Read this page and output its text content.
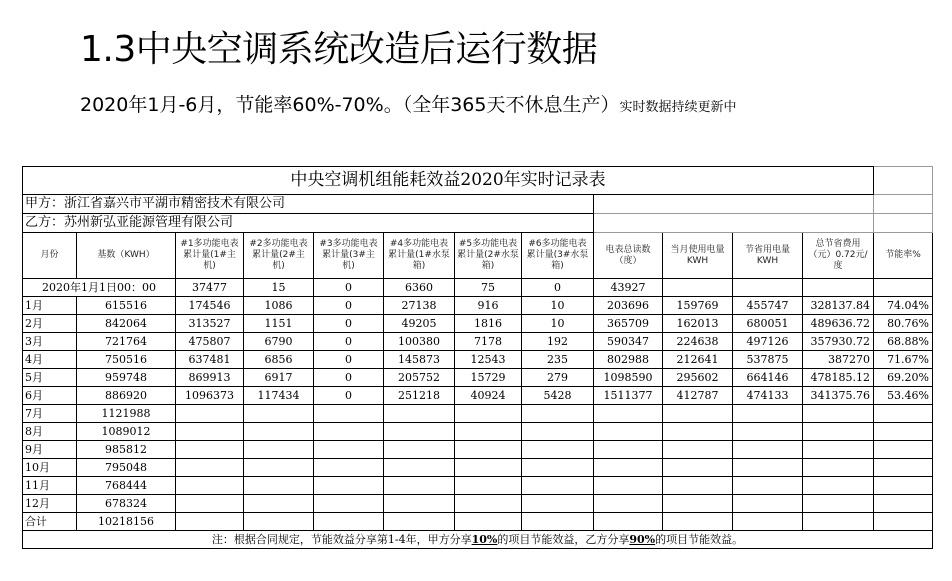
1.3中央空调系统改造后运行数据
2020年1月-6月，节能率60%-70%。（全年365天不休息生产）实时数据持续更新中
中央空调机组能耗效益2020年实时记录表												
甲方：浙江省嘉兴市平湖市精密技术有限公司												
乙方：苏州新弘亚能源管理有限公司												
月份	基数（KWH）	#1多功能电表累计量(1#主机)	#2多功能电表累计量(2#主机)	#3多功能电表累计量(3#主机)	#4多功能电表累计量(1#水泵箱)	#5多功能电表累计量(2#水泵箱)	#6多功能电表累计量(3#水泵箱)	电表总读数（度）	当月使用电量KWH	节省用电量KWH	总节省费用（元）0.72元/度	节能率%
2020年1月1日00：00		37477	15	0	6360	75	0	43927				
1月	615516	174546	1086	0	27138	916	10	203696	159769	455747	328137.84	74.04%
2月	842064	313527	1151	0	49205	1816	10	365709	162013	680051	489636.72	80.76%
3月	721764	475807	6790	0	100380	7178	192	590347	224638	497126	357930.72	68.88%
4月	750516	637481	6856	0	145873	12543	235	802988	212641	537875	387270	71.67%
5月	959748	869913	6917	0	205752	15729	279	1098590	295602	664146	478185.12	69.20%
6月	886920	1096373	117434	0	251218	40924	5428	1511377	412787	474133	341375.76	53.46%
7月	1121988											
8月	1089012											
9月	985812											
10月	795048											
11月	768444											
12月	678324											
合计	10218156											
注：根据合同规定，节能效益分享第1-4年，甲方分享10%的项目节能效益，乙方分享90%的项目节能效益。												
